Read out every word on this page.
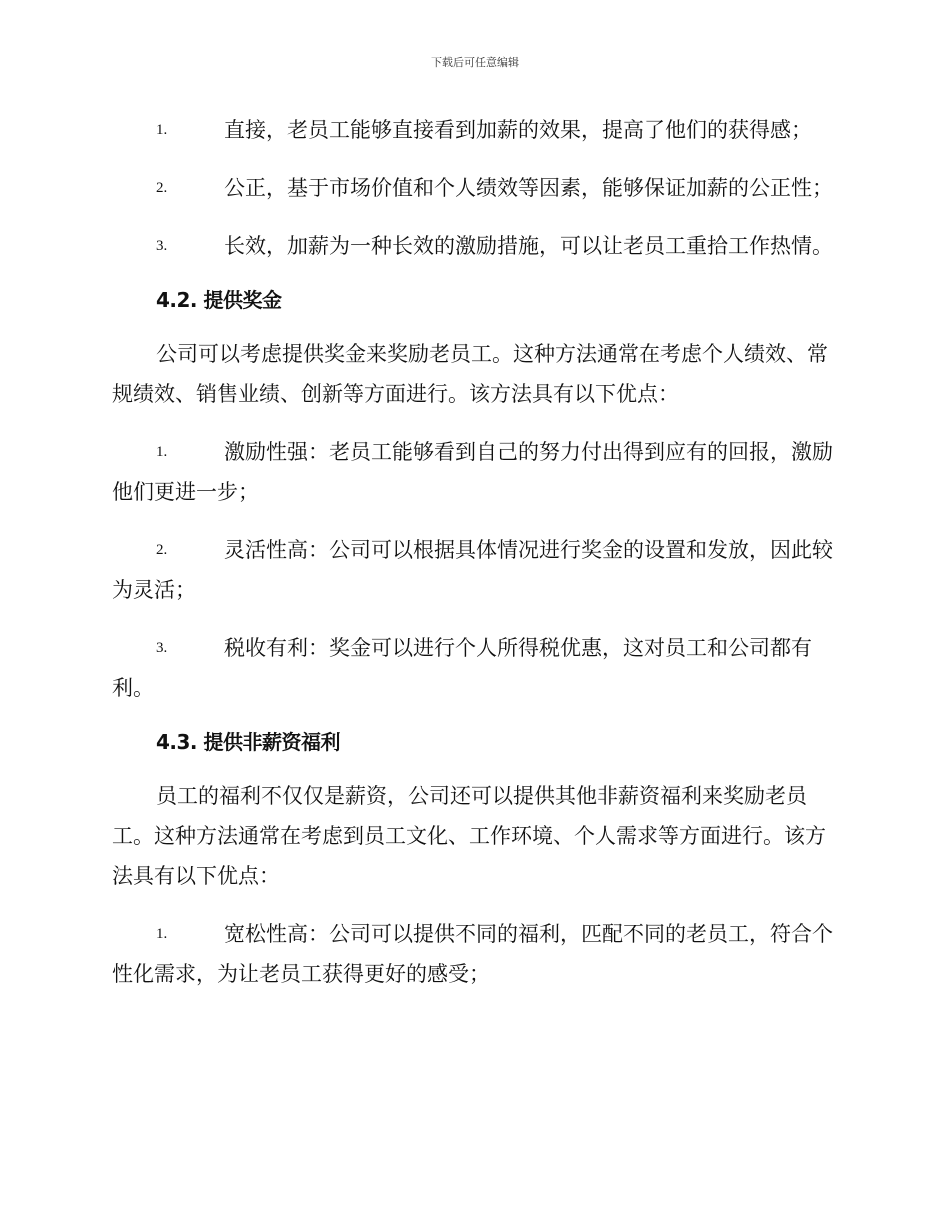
下载后可任意编辑
1.	直接，老员工能够直接看到加薪的效果，提高了他们的获得感；
2.	公正，基于市场价值和个人绩效等因素，能够保证加薪的公正性；
3.	长效，加薪为一种长效的激励措施，可以让老员工重拾工作热情。
4.2. 提供奖金
公司可以考虑提供奖金来奖励老员工。这种方法通常在考虑个人绩效、常规绩效、销售业绩、创新等方面进行。该方法具有以下优点：
1.	激励性强：老员工能够看到自己的努力付出得到应有的回报，激励他们更进一步；
2.	灵活性高：公司可以根据具体情况进行奖金的设置和发放，因此较为灵活；
3.	税收有利：奖金可以进行个人所得税优惠，这对员工和公司都有利。
4.3. 提供非薪资福利
员工的福利不仅仅是薪资，公司还可以提供其他非薪资福利来奖励老员工。这种方法通常在考虑到员工文化、工作环境、个人需求等方面进行。该方法具有以下优点：
1.	宽松性高：公司可以提供不同的福利，匹配不同的老员工，符合个性化需求，为让老员工获得更好的感受；
